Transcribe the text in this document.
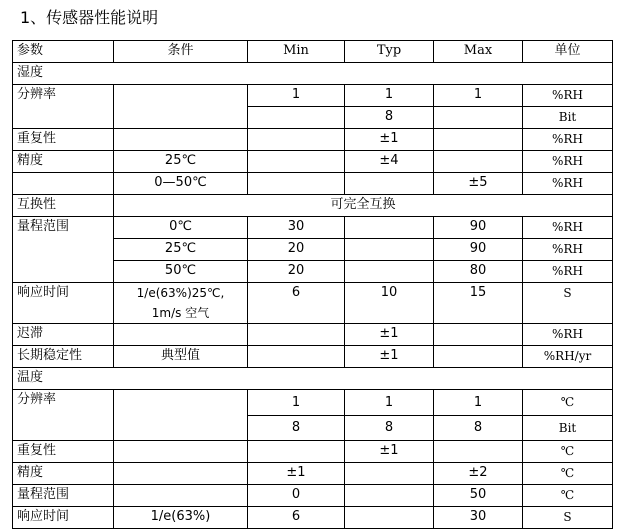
1、传感器性能说明
参数	条件	Min	Typ	Max	单位
湿度					
分辨率		1	1	1	%RH
			8		Bit
重复性			±1		%RH
精度	25℃		±4		%RH
	0—50℃			±5	%RH
互换性	可完全互换				
量程范围	0℃	30		90	%RH
	25℃	20		90	%RH
	50℃	20		80	%RH
响应时间	1/e(63%)25℃,
1m/s 空气	6	10	15	S
迟滞			±1		%RH
长期稳定性	典型值		±1		%RH/yr
温度					
分辨率		1	1	1	℃
		8	8	8	Bit
重复性			±1		℃
精度		±1		±2	℃
量程范围		0		50	℃
响应时间	1/e(63%)	6		30	S
